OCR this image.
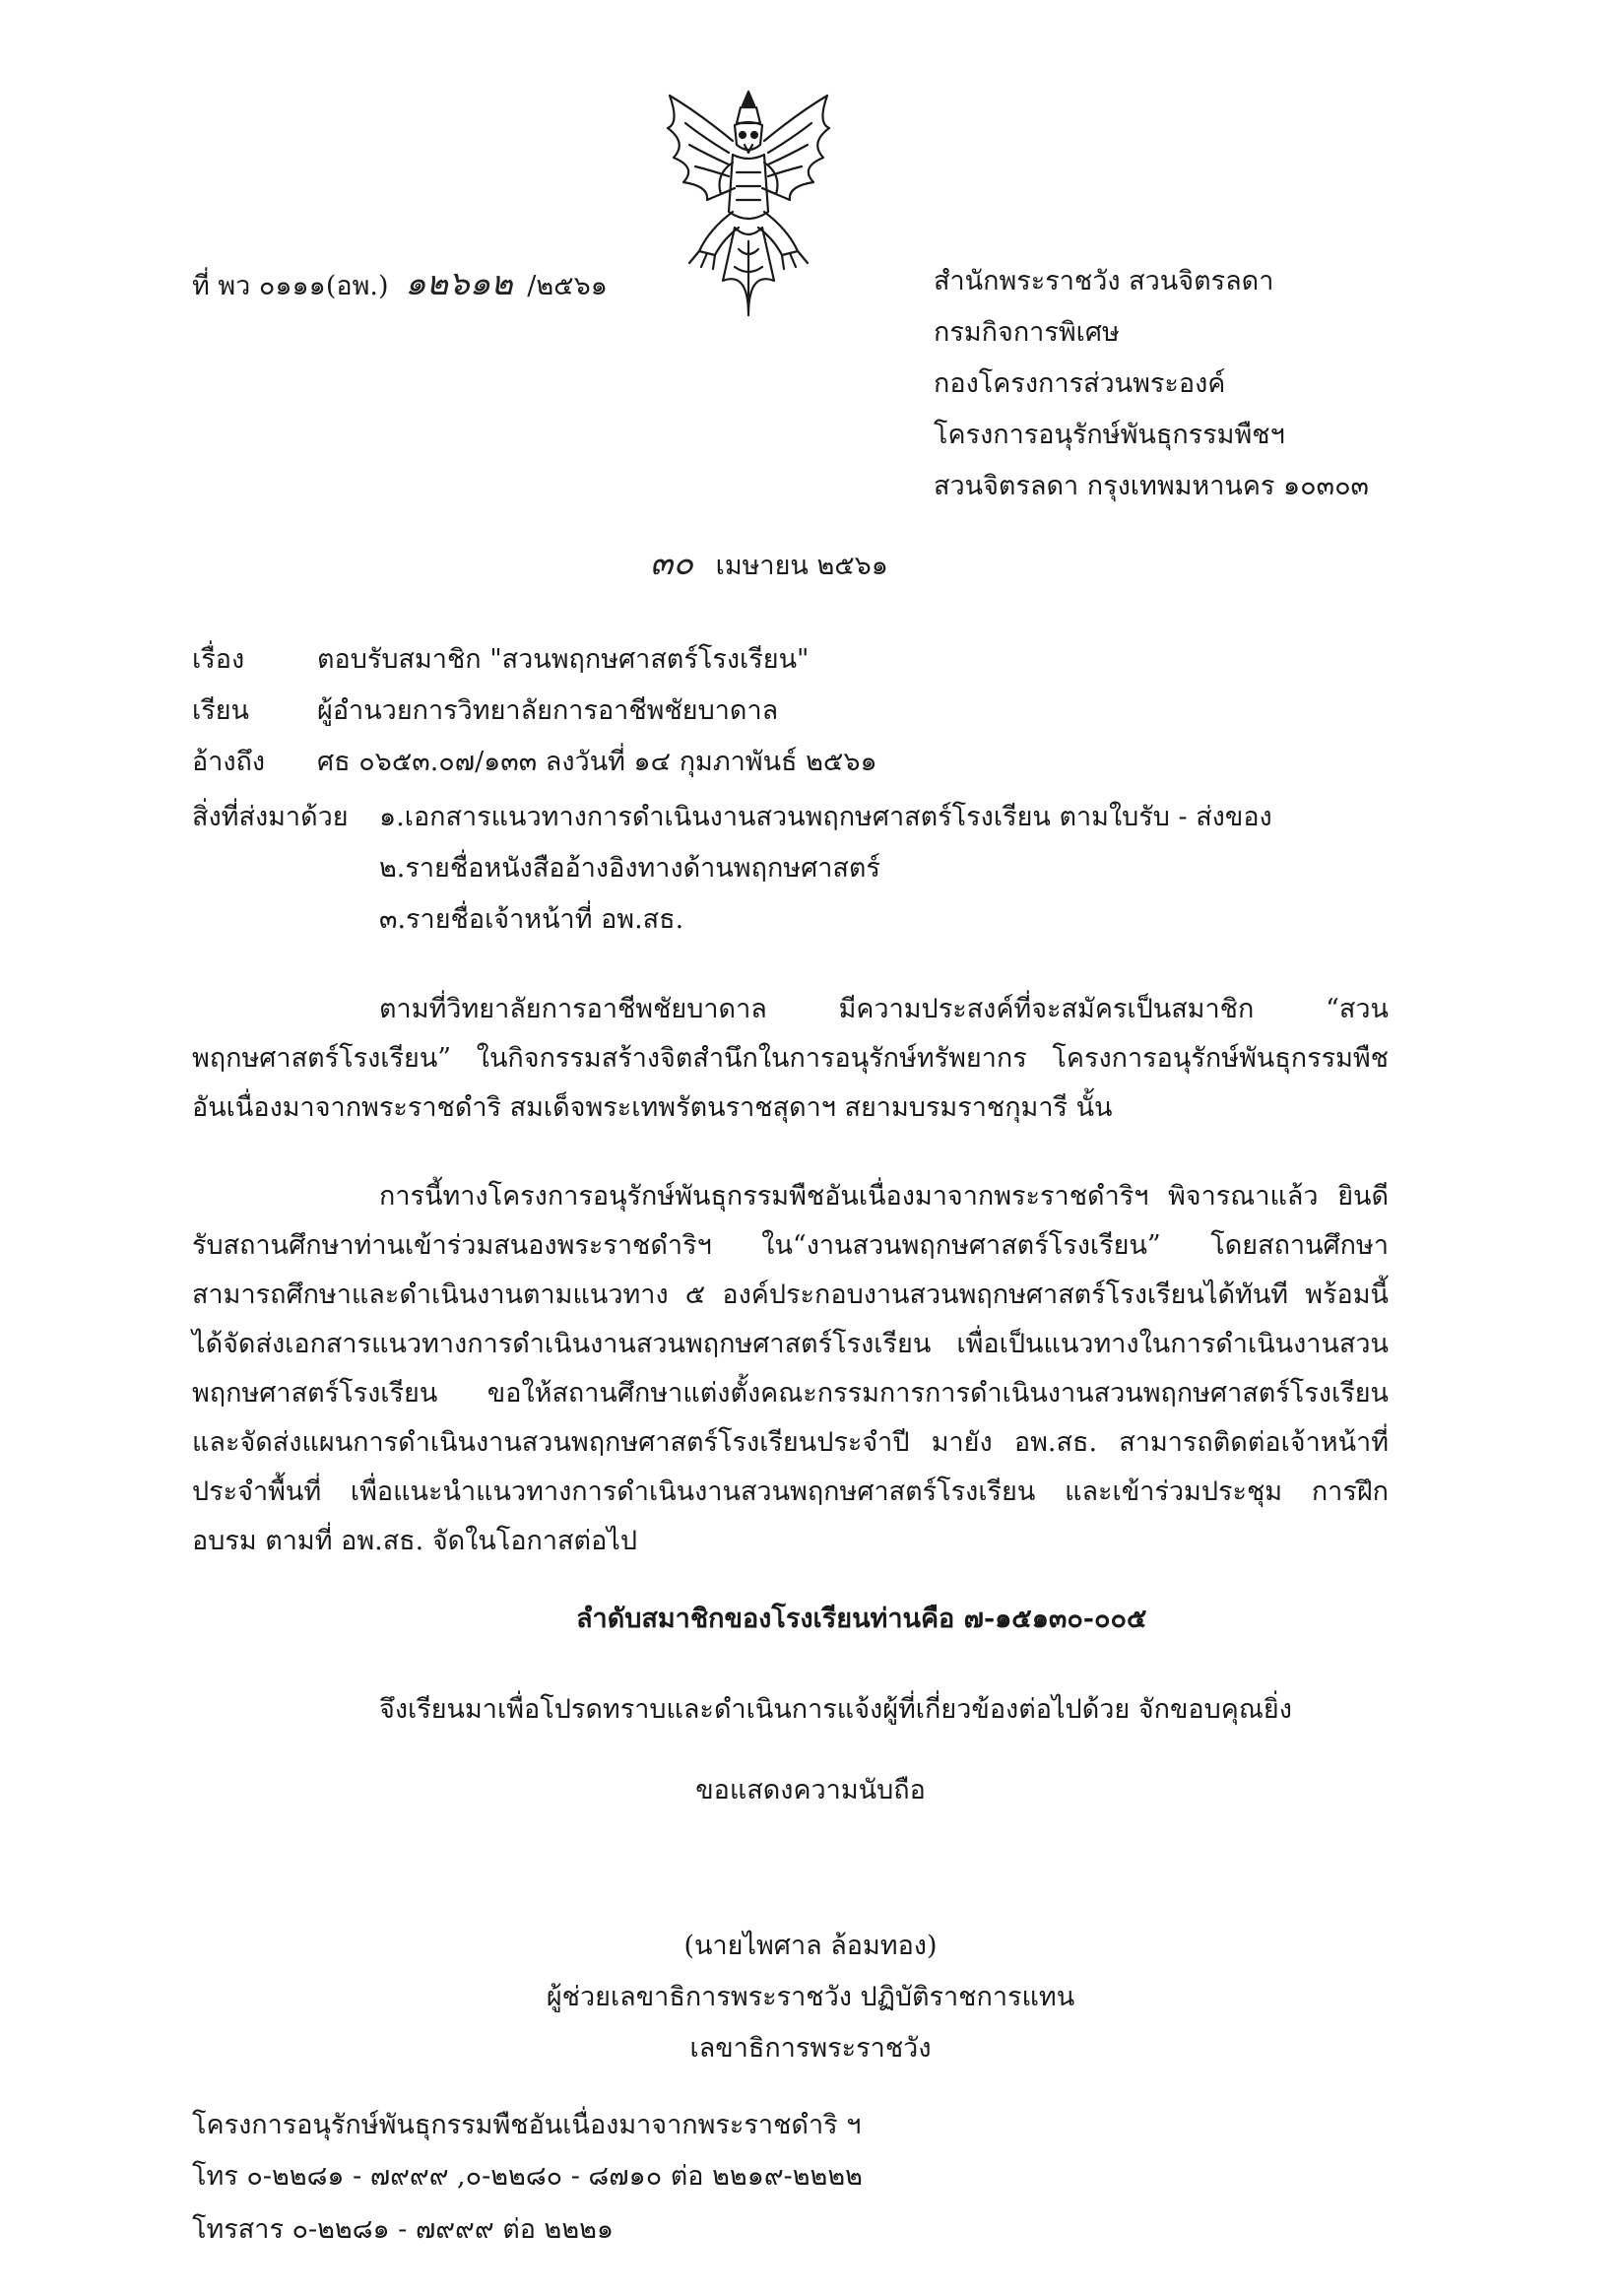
ที่ พว ๐๑๑๑(อพ.) ๑๒๖๑๒ /๒๕๖๑	สำนักพระราชวัง สวนจิตรลดา
กรมกิจการพิเศษ
กองโครงการส่วนพระองค์
โครงการอนุรักษ์พันธุกรรมพืชฯ
สวนจิตรลดา กรุงเทพมหานคร ๑๐๓๐๓
๓๐ เมษายน ๒๕๖๑
เรื่อง	ตอบรับสมาชิก "สวนพฤกษศาสตร์โรงเรียน"
เรียน	ผู้อำนวยการวิทยาลัยการอาชีพชัยบาดาล
อ้างถึง ศธ ๐๖๕๓.๐๗/๑๓๓ ลงวันที่ ๑๔ กุมภาพันธ์ ๒๕๖๑
สิ่งที่ส่งมาด้วย ๑.เอกสารแนวทางการดำเนินงานสวนพฤกษศาสตร์โรงเรียน ตามใบรับ - ส่งของ
๒.รายชื่อหนังสืออ้างอิงทางด้านพฤกษศาสตร์
๓.รายชื่อเจ้าหน้าที่ อพ.สธ.

ตามที่วิทยาลัยการอาชีพชัยบาดาล มีความประสงค์ที่จะสมัครเป็นสมาชิก “สวนพฤกษศาสตร์โรงเรียน” ในกิจกรรมสร้างจิตสำนึกในการอนุรักษ์ทรัพยากร โครงการอนุรักษ์พันธุกรรมพืชอันเนื่องมาจากพระราชดำริ สมเด็จพระเทพรัตนราชสุดาฯ สยามบรมราชกุมารี นั้น

การนี้ทางโครงการอนุรักษ์พันธุกรรมพืชอันเนื่องมาจากพระราชดำริฯ พิจารณาแล้ว ยินดีรับสถานศึกษาท่านเข้าร่วมสนองพระราชดำริฯ ใน“งานสวนพฤกษศาสตร์โรงเรียน” โดยสถานศึกษาสามารถศึกษาและดำเนินงานตามแนวทาง ๕ องค์ประกอบงานสวนพฤกษศาสตร์โรงเรียนได้ทันที พร้อมนี้ได้จัดส่งเอกสารแนวทางการดำเนินงานสวนพฤกษศาสตร์โรงเรียน เพื่อเป็นแนวทางในการดำเนินงานสวนพฤกษศาสตร์โรงเรียน ขอให้สถานศึกษาแต่งตั้งคณะกรรมการการดำเนินงานสวนพฤกษศาสตร์โรงเรียน และจัดส่งแผนการดำเนินงานสวนพฤกษศาสตร์โรงเรียนประจำปี มายัง อพ.สธ. สามารถติดต่อเจ้าหน้าที่ ประจำพื้นที่ เพื่อแนะนำแนวทางการดำเนินงานสวนพฤกษศาสตร์โรงเรียน และเข้าร่วมประชุม การฝึกอบรม ตามที่ อพ.สธ. จัดในโอกาสต่อไป

ลำดับสมาชิกของโรงเรียนท่านคือ ๗-๑๕๑๓๐-๐๐๕
จึงเรียนมาเพื่อโปรดทราบและดำเนินการแจ้งผู้ที่เกี่ยวข้องต่อไปด้วย จักขอบคุณยิ่ง
ขอแสดงความนับถือ
(นายไพศาล ล้อมทอง)
ผู้ช่วยเลขาธิการพระราชวัง ปฏิบัติราชการแทน
เลขาธิการพระราชวัง
โครงการอนุรักษ์พันธุกรรมพืชอันเนื่องมาจากพระราชดำริ ฯ
โทร ๐-๒๒๘๑ - ๗๙๙๙ ,๐-๒๒๘๐ - ๘๗๑๐ ต่อ ๒๒๑๙-๒๒๒๒
โทรสาร ๐-๒๒๘๑ - ๗๙๙๙ ต่อ ๒๒๒๑
